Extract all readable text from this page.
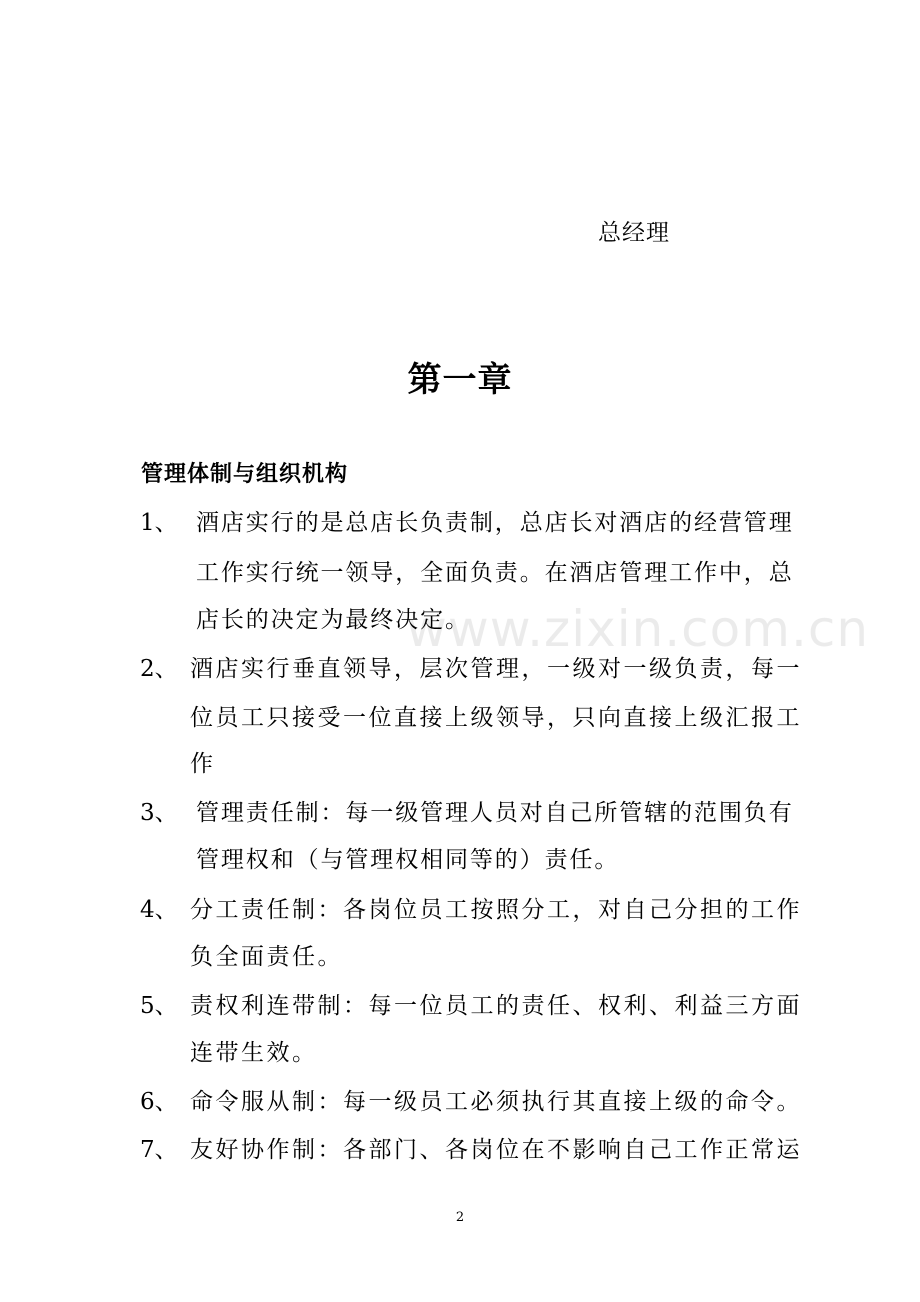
总经理
第一章
管理体制与组织机构
www.zixin.com.cn
1、 酒店实行的是总店长负责制，总店长对酒店的经营管理
工作实行统一领导，全面负责。在酒店管理工作中，总
店长的决定为最终决定。
2、 酒店实行垂直领导，层次管理，一级对一级负责，每一
位员工只接受一位直接上级领导，只向直接上级汇报工
作
3、 管理责任制：每一级管理人员对自己所管辖的范围负有
管理权和（与管理权相同等的）责任。
4、 分工责任制：各岗位员工按照分工，对自己分担的工作
负全面责任。
5、 责权利连带制：每一位员工的责任、权利、利益三方面
连带生效。
6、 命令服从制：每一级员工必须执行其直接上级的命令。
7、 友好协作制：各部门、各岗位在不影响自己工作正常运
2
